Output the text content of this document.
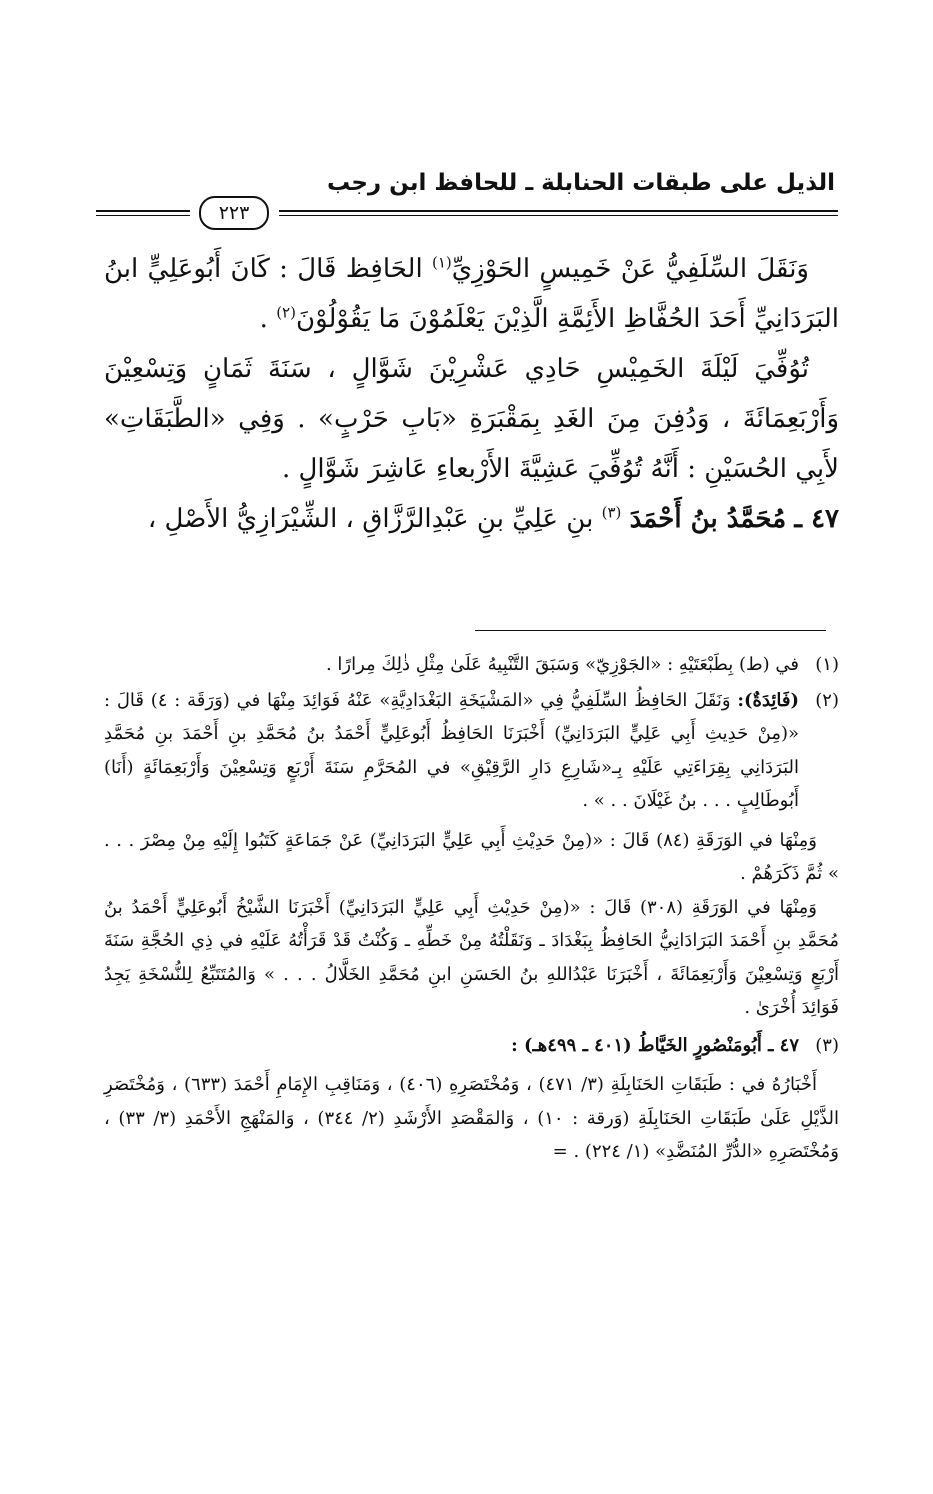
الذيل على طبقات الحنابلة ـ للحافظ ابن رجب
٢٢٣

وَنَقَلَ السِّلَفِيُّ عَنْ خَمِيسٍ الحَوْزِيِّ$^{(١)}$ الحَافِظ قَالَ : كَانَ أَبُوعَلِيٍّ ابنُ البَرَدَانِيِّ أَحَدَ الحُفَّاظِ الأَئِمَّةِ الَّذِيْنَ يَعْلَمُوْنَ مَا يَقُوْلُوْنَ$^{(٢)}$ .

تُوُفِّيَ لَيْلَةَ الخَمِيْسِ حَادِي عَشْرِيْنَ شَوَّالٍ ، سَنَةَ ثَمَانٍ وَتِسْعِيْنَ وَأَرْبَعِمَائَةَ ، وَدُفِنَ مِنَ الغَدِ بِمَقْبَرَةِ «بَابِ حَرْبٍ» . وَفِي «الطَّبَقَاتِ» لأَبِي الحُسَيْنِ : أَنَّهُ تُوُفِّيَ عَشِيَّةَ الأَرْبعاءِ عَاشِرَ شَوَّالٍ .

٤٧ ـ مُحَمَّدُ بنُ أَحْمَدَ $^{(٣)}$ بنِ عَلِيِّ بنِ عَبْدِالرَّزَّاقِ ، الشِّيْرَازِيُّ الأَصْلِ ،

(١)
في (ط) بِطَبْعَتَيْهِ : «الجَوْزِيّ» وَسَبَقَ التَّنْبِيهُ عَلَىٰ مِثْلِ ذٰلِكَ مِرارًا .
(٢)

(فَائِدَةٌ): وَنَقَلَ الحَافِظُ السِّلَفِيُّ فِي «المَشْيَخَةِ البَغْدَادِيَّةِ» عَنْهُ فَوَائِدَ مِنْهَا في (وَرَقَة : ٤) قَالَ : «(مِنْ حَدِيثِ أَبِي عَلِيٍّ البَرَدَانِيِّ) أَخْبَرَنَا الحَافِظُ أَبُوعَلِيٍّ أَحْمَدُ بنُ مُحَمَّدِ بنِ أَحْمَدَ بنِ مُحَمَّدِ البَرَدَانِي بِقِرَاءَتِي عَلَيْهِ بِـ«شَارِعِ دَارِ الرَّقِيْقِ» في المُحَرَّمِ سَنَةَ أَرْبَعٍ وَتِسْعِيْنَ وَأَرْبَعِمَائَةٍ (أَنَا) أَبُوطَالِبٍ . . . بنُ غَيْلَانَ . . » .

وَمِنْهَا في الوَرَقَةِ (٨٤) قَالَ : «(مِنْ حَدِيْثِ أَبِي عَلِيٍّ البَرَدَانِيِّ) عَنْ جَمَاعَةٍ كَتَبُوا إِلَيْهِ مِنْ مِصْرَ . . . » ثُمَّ ذَكَرَهُمْ .

وَمِنْهَا في الوَرَقَةِ (٣٠٨) قَالَ : «(مِنْ حَدِيْثِ أَبِي عَلِيٍّ البَرَدَانِيِّ) أَخْبَرَنَا الشَّيْخُ أَبُوعَلِيٍّ أَحْمَدُ بنُ مُحَمَّدِ بنِ أَحْمَدَ البَرَادَانِيُّ الحَافِظُ بِبَغْدَادَ ـ وَنَقَلْتُهُ مِنْ خَطِّهِ ـ وَكُنْتُ قَدْ قَرَأْتُهُ عَلَيْهِ في ذِي الحُجَّةِ سَنَةَ أَرْبَعٍ وَتِسْعِيْنَ وَأَرْبَعِمَائَةَ ، أَخْبَرَنَا عَبْدُاللهِ بنُ الحَسَنِ ابنِ مُحَمَّدِ الخَلَّالُ . . . » وَالمُتَتَبِّعُ لِلنُّسْخَةِ يَجِدُ فَوَائِدَ أُخْرَىٰ .

(٣)
٤٧ ـ أَبُومَنْصُورٍ الخَيَّاطُ (٤٠١ ـ ٤٩٩هـ) :

أَخْبَارُهُ في : طَبَقَاتِ الحَنَابِلَةِ (٣/ ٤٧١) ، وَمُخْتَصَرِهِ (٤٠٦) ، وَمَنَاقِبِ الإِمَامِ أَحْمَدَ (٦٣٣) ، وَمُخْتَصَرِ الذَّيْلِ عَلَىٰ طَبَقَاتِ الحَنَابِلَةِ (وَرقة : ١٠) ، وَالمَقْصَدِ الأَرْشَدِ (٢/ ٣٤٤) ، وَالمَنْهَجِ الأَحْمَدِ (٣/ ٣٣) ، وَمُخْتَصَرِهِ «الدُّرِّ المُنَضَّدِ» (١/ ٢٢٤) . =
